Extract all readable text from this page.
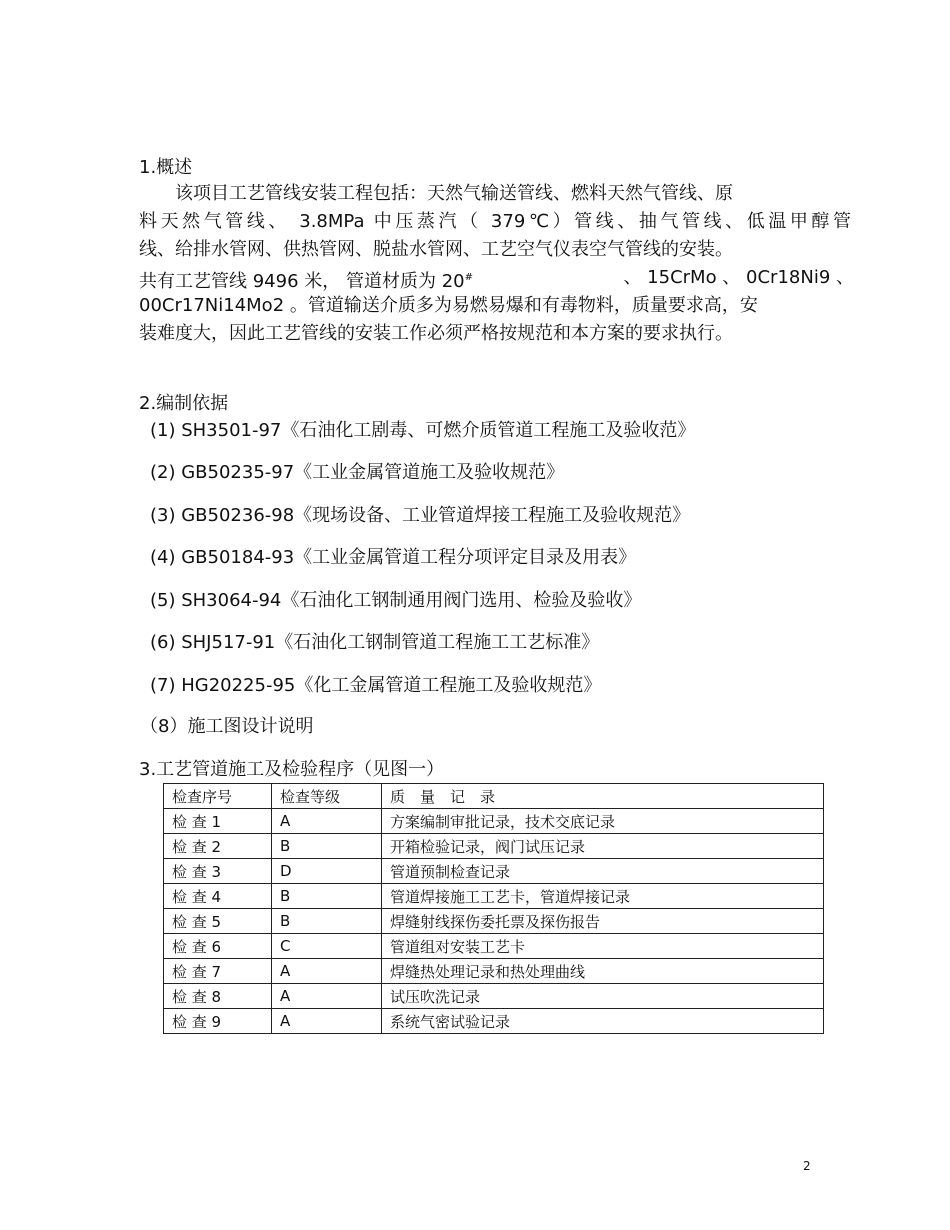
1.概述
该项目工艺管线安装工程包括：天然气输送管线、燃料天然气管线、原
料天然气管线、 3.8MPa 中压蒸汽（ 379℃）管线、抽气管线、低温甲醇管
线、给排水管网、供热管网、脱盐水管网、工艺空气仪表空气管线的安装。
共有工艺管线 9496 米， 管道材质为 20#	、 15CrMo 、 0Cr18Ni9 、
00Cr17Ni14Mo2 。管道输送介质多为易燃易爆和有毒物料，质量要求高，安
装难度大，因此工艺管线的安装工作必须严格按规范和本方案的要求执行。
2.编制依据
(1) SH3501-97《石油化工剧毒、可燃介质管道工程施工及验收范》
(2) GB50235-97《工业金属管道施工及验收规范》
(3) GB50236-98《现场设备、工业管道焊接工程施工及验收规范》
(4) GB50184-93《工业金属管道工程分项评定目录及用表》
(5) SH3064-94《石油化工钢制通用阀门选用、检验及验收》
(6) SHJ517-91《石油化工钢制管道工程施工工艺标准》
(7) HG20225-95《化工金属管道工程施工及验收规范》
（8）施工图设计说明
3.工艺管道施工及检验程序（见图一）
检查序号	检查等级	质　量　记　录
检 查 1	A	方案编制审批记录，技术交底记录
检 查 2	B	开箱检验记录，阀门试压记录
检 查 3	D	管道预制检查记录
检 查 4	B	管道焊接施工工艺卡，管道焊接记录
检 查 5	B	焊缝射线探伤委托票及探伤报告
检 查 6	C	管道组对安装工艺卡
检 查 7	A	焊缝热处理记录和热处理曲线
检 查 8	A	试压吹洗记录
检 查 9	A	系统气密试验记录
2
